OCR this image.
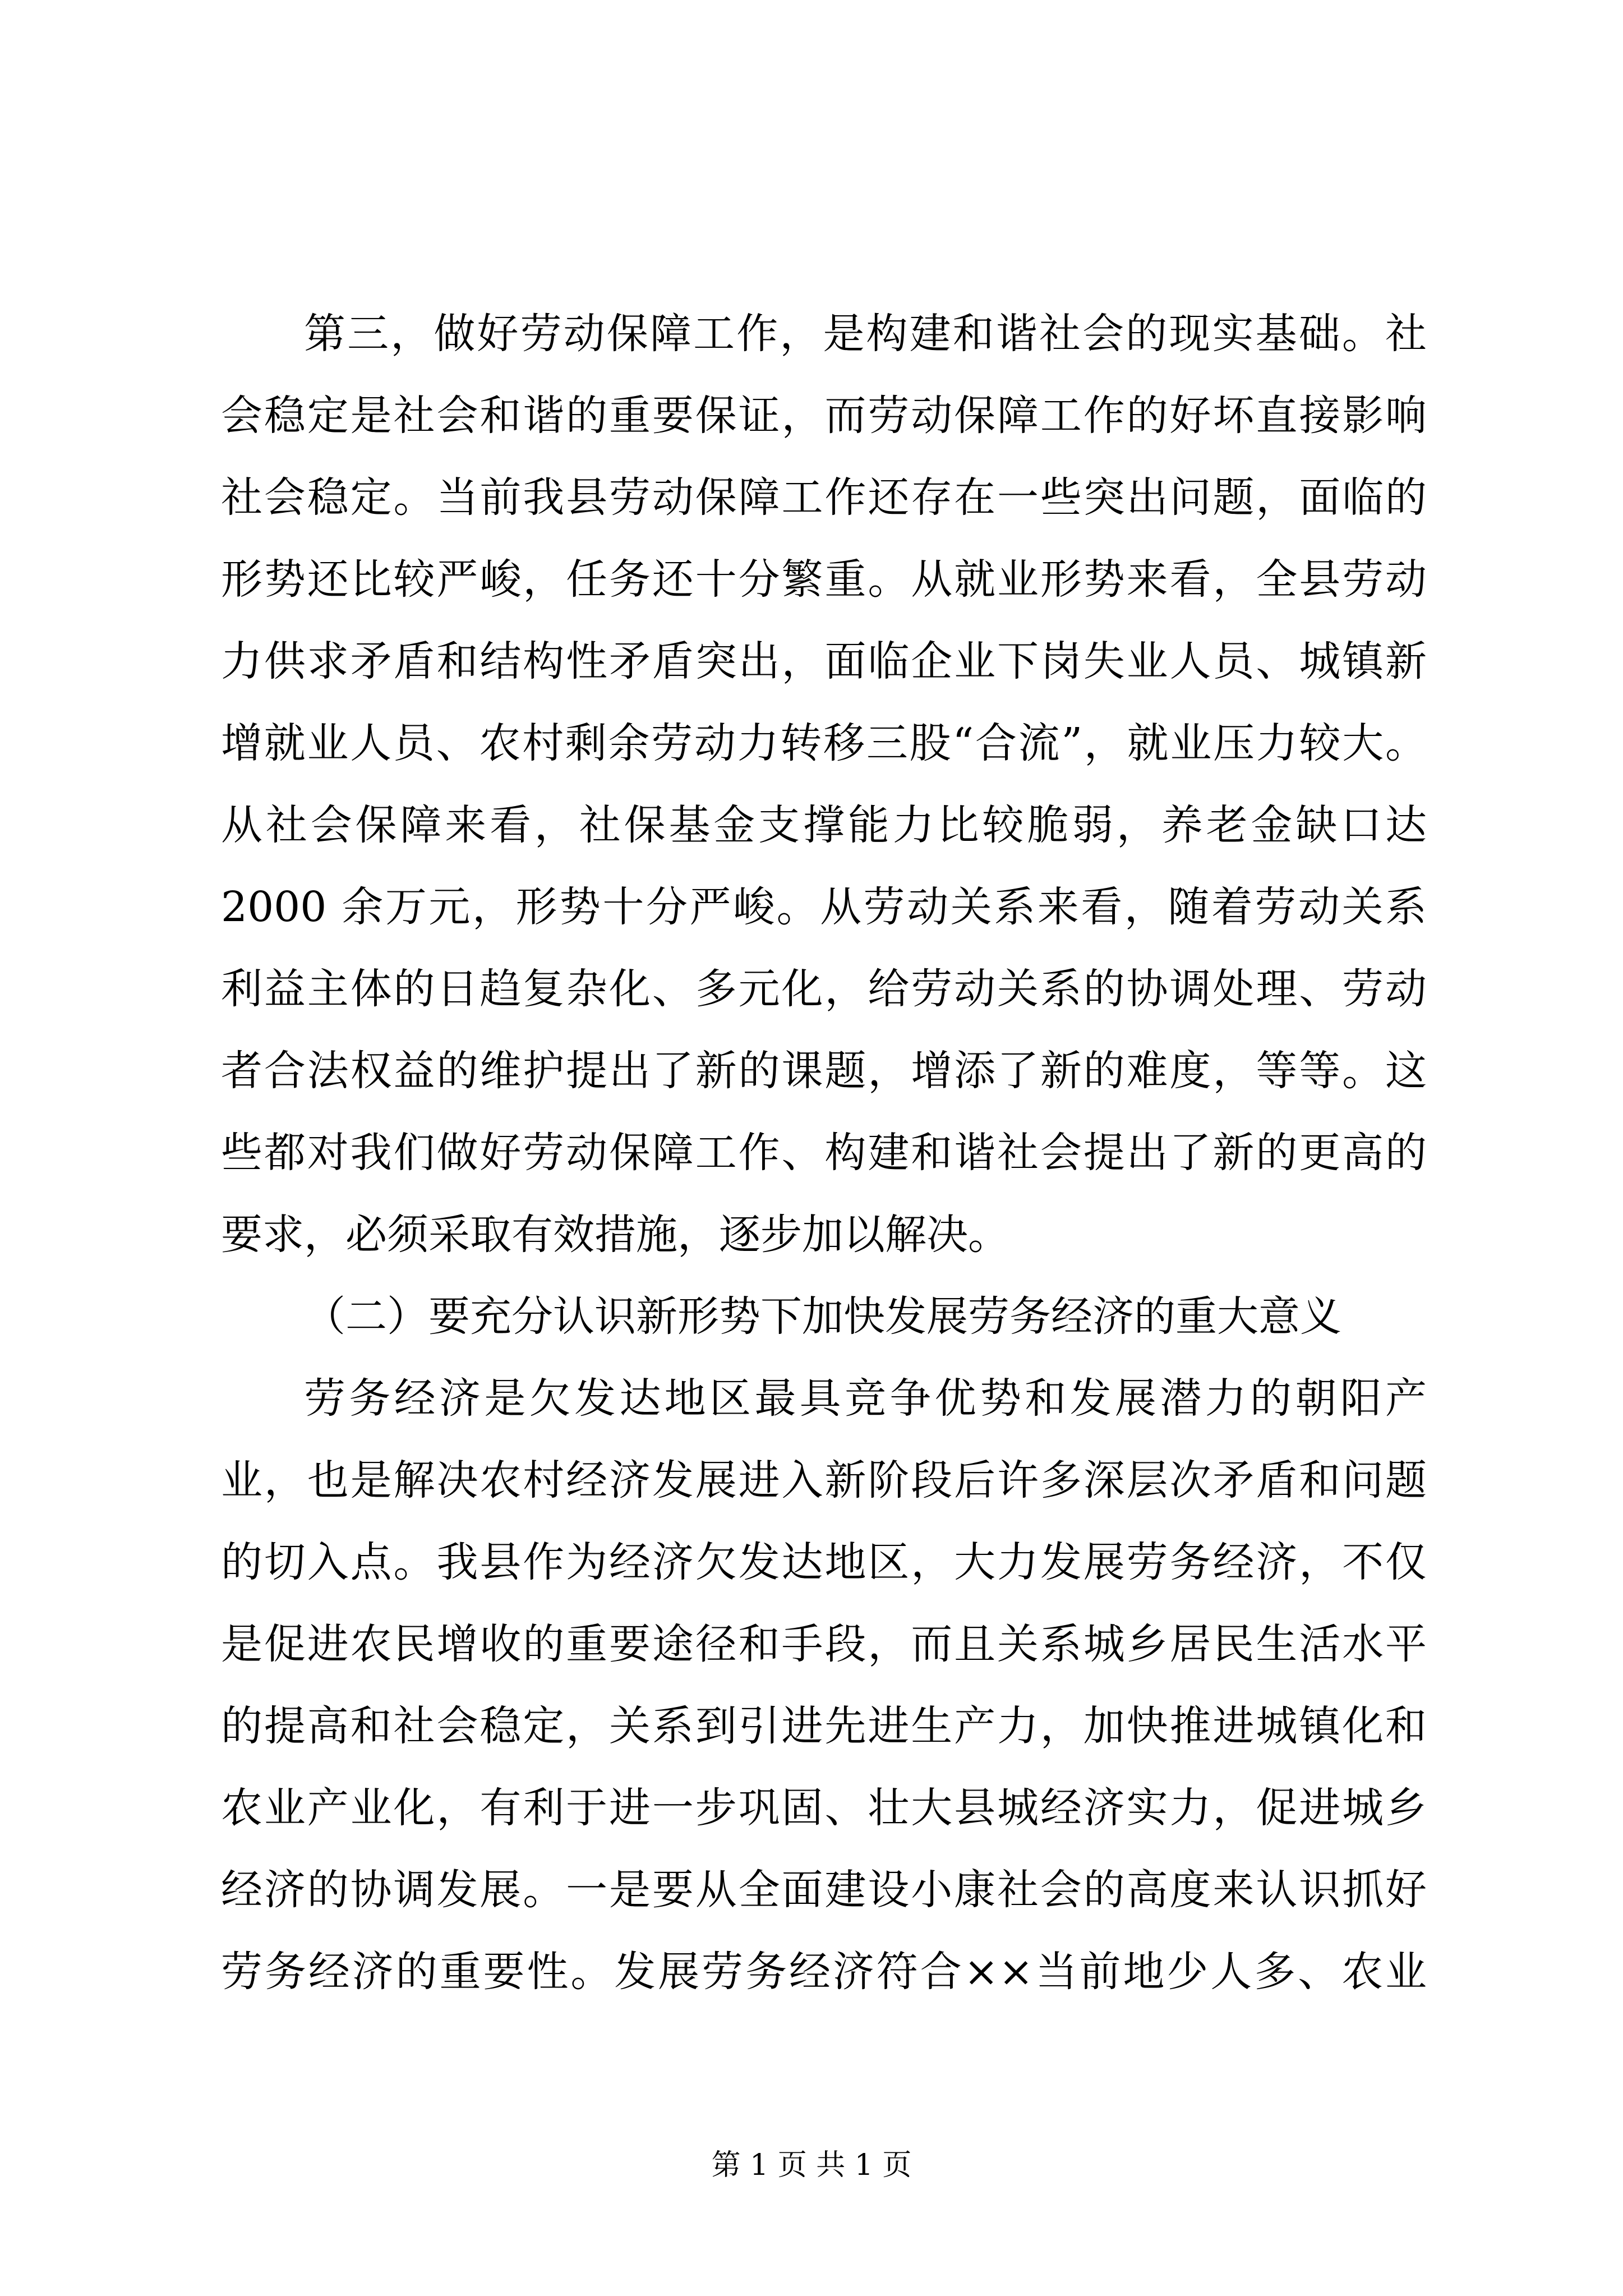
第三，做好劳动保障工作，是构建和谐社会的现实基础。社
会稳定是社会和谐的重要保证，而劳动保障工作的好坏直接影响
社会稳定。当前我县劳动保障工作还存在一些突出问题，面临的
形势还比较严峻，任务还十分繁重。从就业形势来看，全县劳动
力供求矛盾和结构性矛盾突出，面临企业下岗失业人员、城镇新
增就业人员、农村剩余劳动力转移三股“合流”，就业压力较大。
从社会保障来看，社保基金支撑能力比较脆弱，养老金缺口达
2000 余万元，形势十分严峻。从劳动关系来看，随着劳动关系
利益主体的日趋复杂化、多元化，给劳动关系的协调处理、劳动
者合法权益的维护提出了新的课题，增添了新的难度，等等。这
些都对我们做好劳动保障工作、构建和谐社会提出了新的更高的
要求，必须采取有效措施，逐步加以解决。
（二）要充分认识新形势下加快发展劳务经济的重大意义
劳务经济是欠发达地区最具竞争优势和发展潜力的朝阳产
业，也是解决农村经济发展进入新阶段后许多深层次矛盾和问题
的切入点。我县作为经济欠发达地区，大力发展劳务经济，不仅
是促进农民增收的重要途径和手段，而且关系城乡居民生活水平
的提高和社会稳定，关系到引进先进生产力，加快推进城镇化和
农业产业化，有利于进一步巩固、壮大县城经济实力，促进城乡
经济的协调发展。一是要从全面建设小康社会的高度来认识抓好
劳务经济的重要性。发展劳务经济符合××当前地少人多、农业
第 1 页 共 1 页
